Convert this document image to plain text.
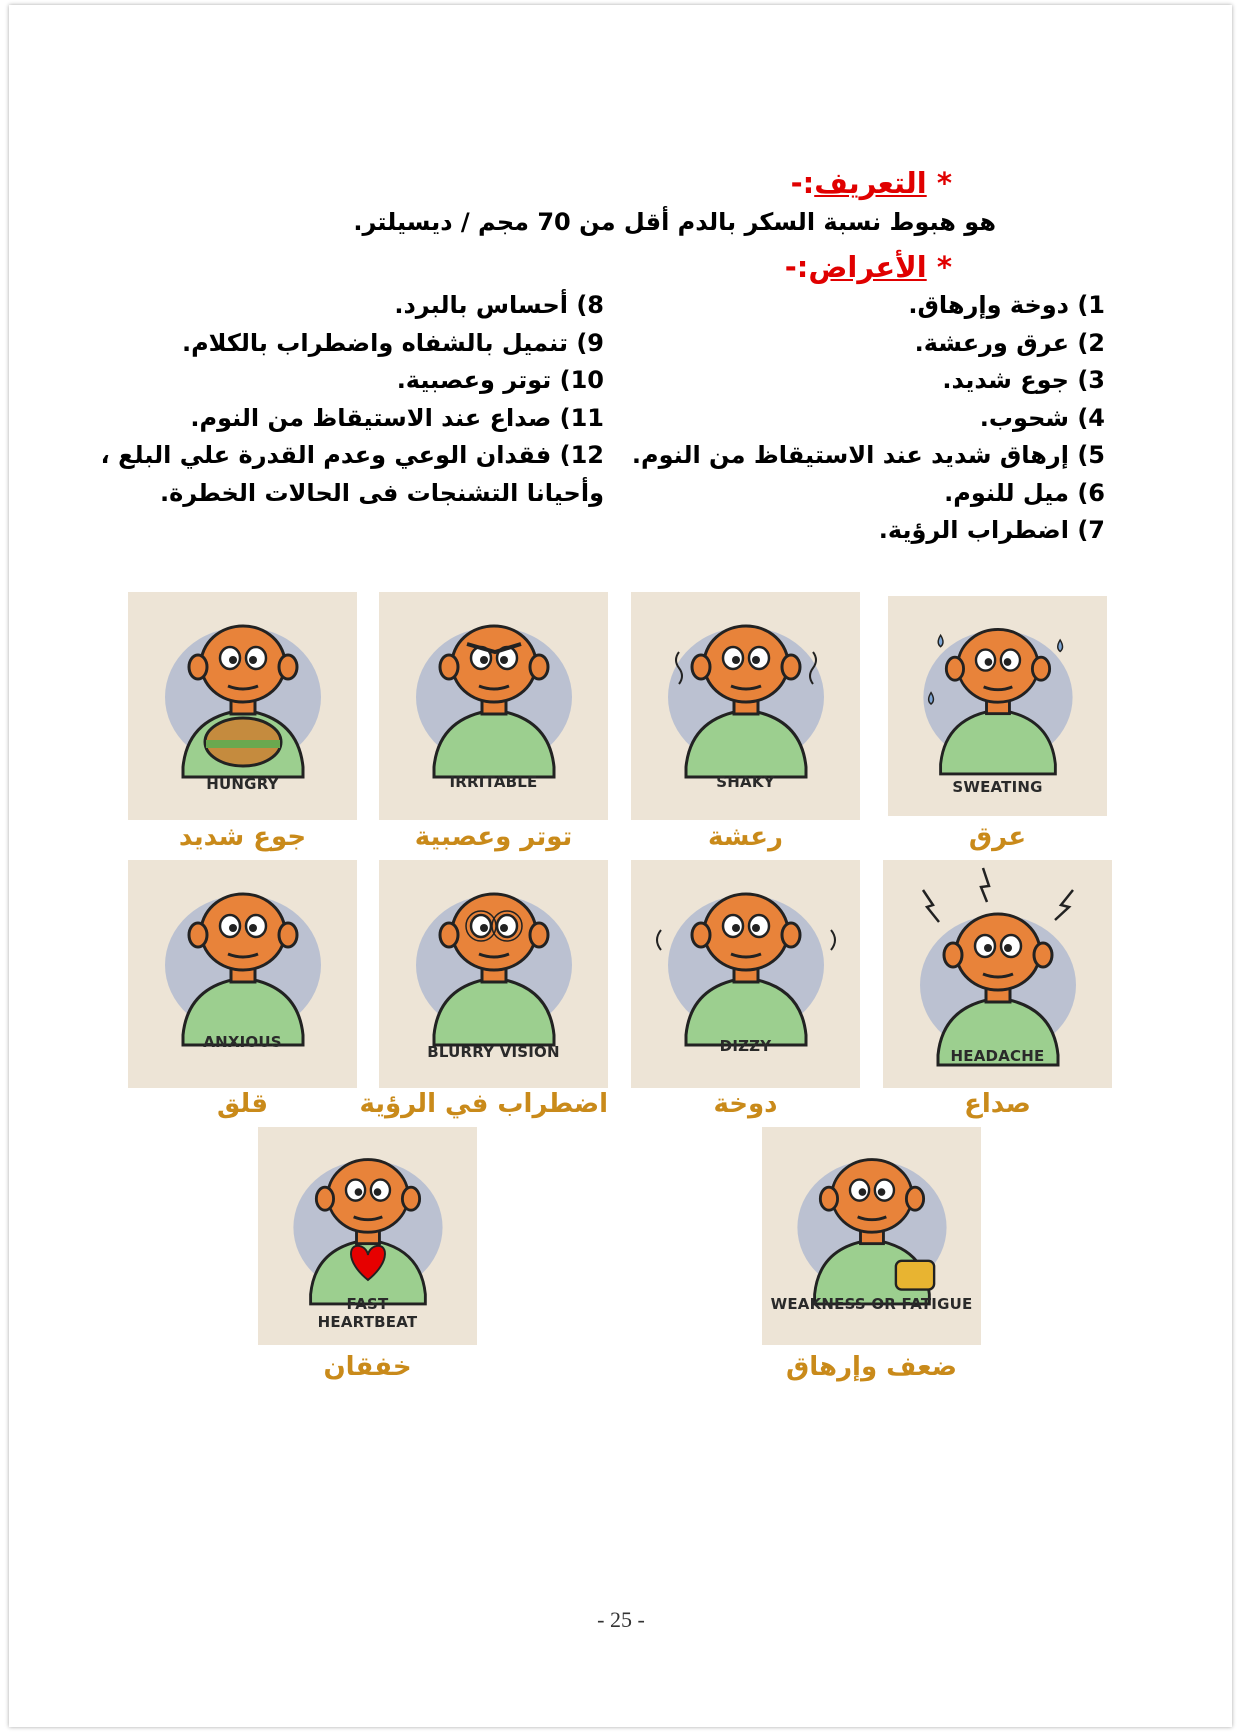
* التعريف:-
هو هبوط نسبة السكر بالدم أقل من 70 مجم / ديسيلتر.
* الأعراض:-
1) دوخة وإرهاق.
2) عرق ورعشة.
3) جوع شديد.
4) شحوب.
5) إرهاق شديد عند الاستيقاظ من النوم.
6) ميل للنوم.
7) اضطراب الرؤية.
8) أحساس بالبرد.
9) تنميل بالشفاه واضطراب بالكلام.
10) توتر وعصبية.
11) صداع عند الاستيقاظ من النوم.
12) فقدان الوعي وعدم القدرة علي البلع ،
وأحيانا التشنجات فى الحالات الخطرة.
HUNGRY
جوع شديد
IRRITABLE
توتر وعصبية
SHAKY
رعشة
SWEATING
عرق
ANXIOUS
قلق
BLURRY VISION
اضطراب في الرؤية
DIZZY
دوخة
HEADACHE
صداع
FAST
HEARTBEAT
خفقان
WEAKNESS OR FATIGUE
ضعف وإرهاق
- 25 -
